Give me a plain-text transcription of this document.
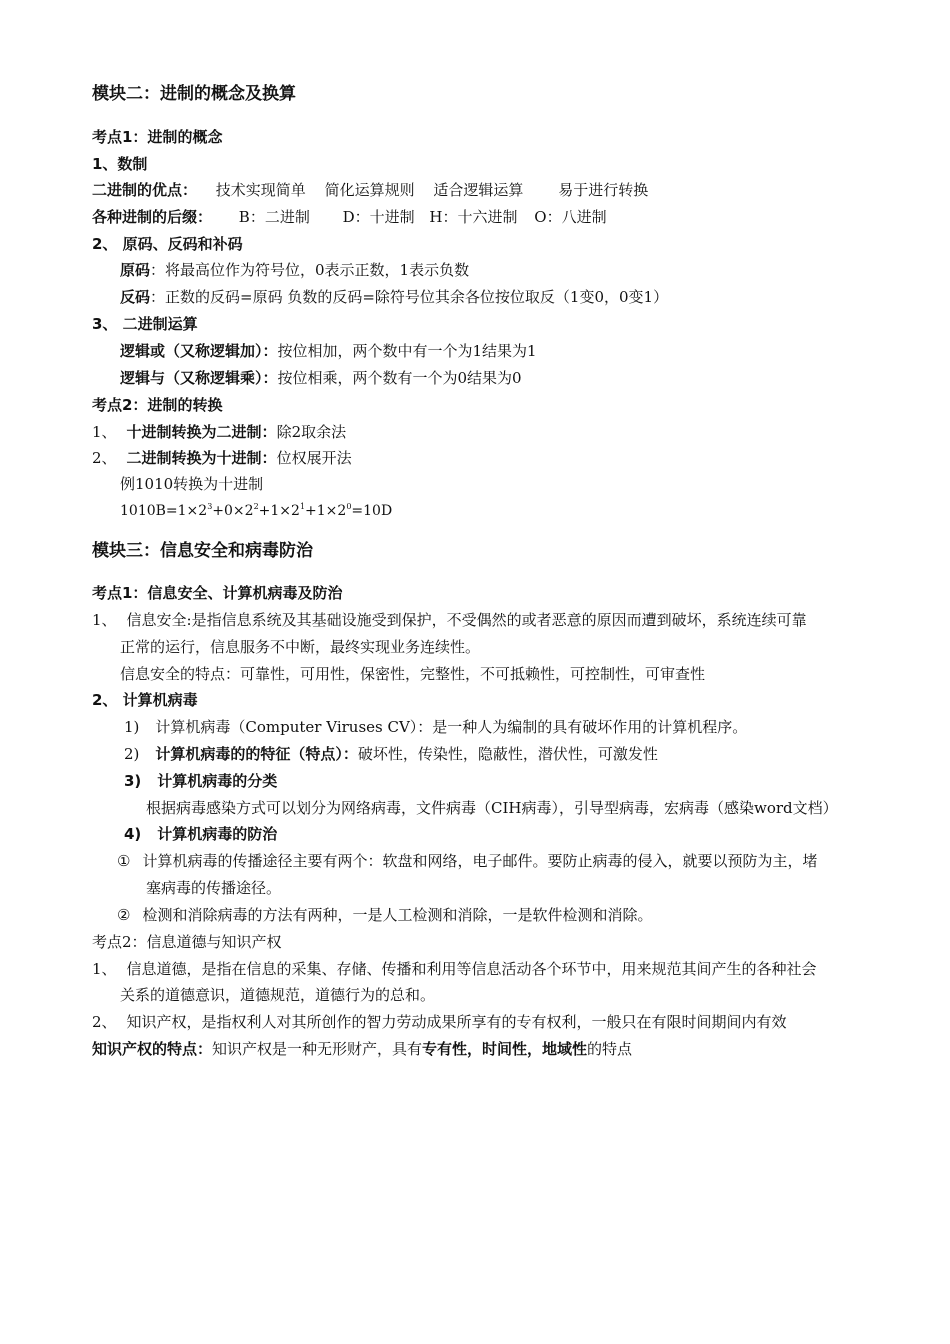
模块二：进制的概念及换算
考点1：进制的概念
1、数制
二进制的优点： 技术实现简单 简化运算规则 适合逻辑运算 易于进行转换
各种进制的后缀： B：二进制 D：十进制 H：十六进制 O：八进制
2、 原码、反码和补码
原码：将最高位作为符号位，0表示正数，1表示负数
反码：正数的反码=原码 负数的反码=除符号位其余各位按位取反（1变0，0变1）
3、 二进制运算
逻辑或（又称逻辑加）：按位相加，两个数中有一个为1结果为1
逻辑与（又称逻辑乘）：按位相乘，两个数有一个为0结果为0
考点2：进制的转换
1、 十进制转换为二进制：除2取余法
2、 二进制转换为十进制：位权展开法
例1010转换为十进制
$1010B=1\times 2^3+0\times 2^2+1\times 2^1+1\times 2^0=10D$
模块三：信息安全和病毒防治
考点1：信息安全、计算机病毒及防治
1、 信息安全:是指信息系统及其基础设施受到保护，不受偶然的或者恶意的原因而遭到破坏，系统连续可靠
正常的运行，信息服务不中断，最终实现业务连续性。
信息安全的特点：可靠性，可用性，保密性，完整性，不可抵赖性，可控制性，可审查性
2、 计算机病毒
1) 计算机病毒（Computer Viruses CV）：是一种人为编制的具有破坏作用的计算机程序。
2) 计算机病毒的的特征（特点）：破坏性，传染性，隐蔽性，潜伏性，可激发性
3) 计算机病毒的分类
根据病毒感染方式可以划分为网络病毒，文件病毒（CIH病毒），引导型病毒，宏病毒（感染word文档）
4) 计算机病毒的防治
① 计算机病毒的传播途径主要有两个：软盘和网络，电子邮件。要防止病毒的侵入，就要以预防为主，堵
塞病毒的传播途径。
② 检测和消除病毒的方法有两种，一是人工检测和消除，一是软件检测和消除。
考点2：信息道德与知识产权
1、 信息道德，是指在信息的采集、存储、传播和利用等信息活动各个环节中，用来规范其间产生的各种社会
关系的道德意识，道德规范，道德行为的总和。
2、 知识产权，是指权利人对其所创作的智力劳动成果所享有的专有权利，一般只在有限时间期间内有效
知识产权的特点：知识产权是一种无形财产，具有专有性，时间性，地域性的特点
